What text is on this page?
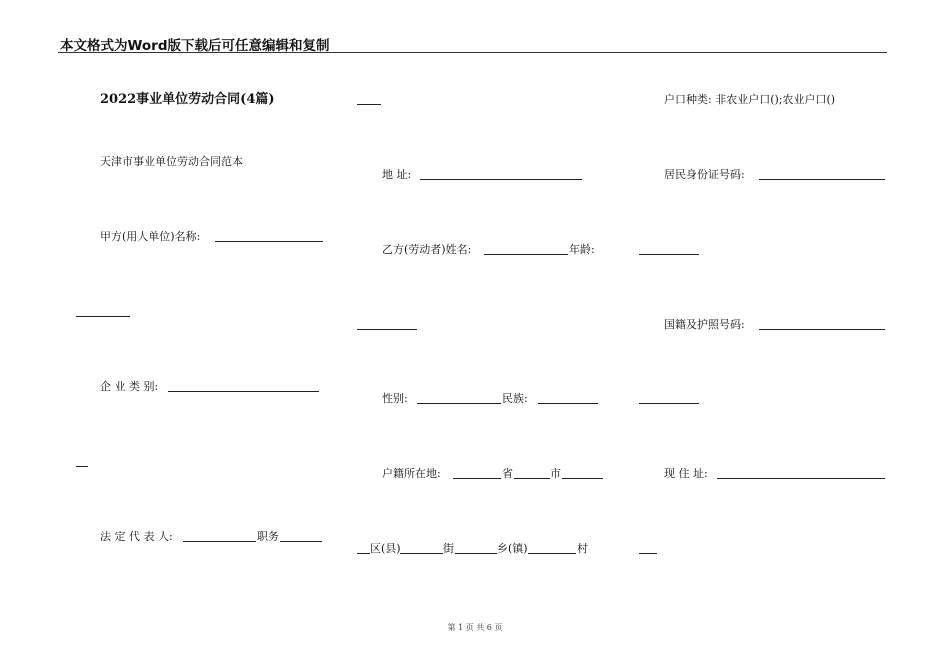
本文格式为Word版下载后可任意编辑和复制
2022事业单位劳动合同(4篇)
天津市事业单位劳动合同范本
甲方(用人单位)名称:
企 业 类 别:
法 定 代 表 人:	职务
地 址:
乙方(劳动者)姓名:	年龄:
性别:	民族:
户籍所在地:	省	市
区(县)	街	乡(镇)	村
户口种类: 非农业户口();农业户口()
居民身份证号码:
国籍及护照号码:
现 住 址:
第 1 页 共 6 页
